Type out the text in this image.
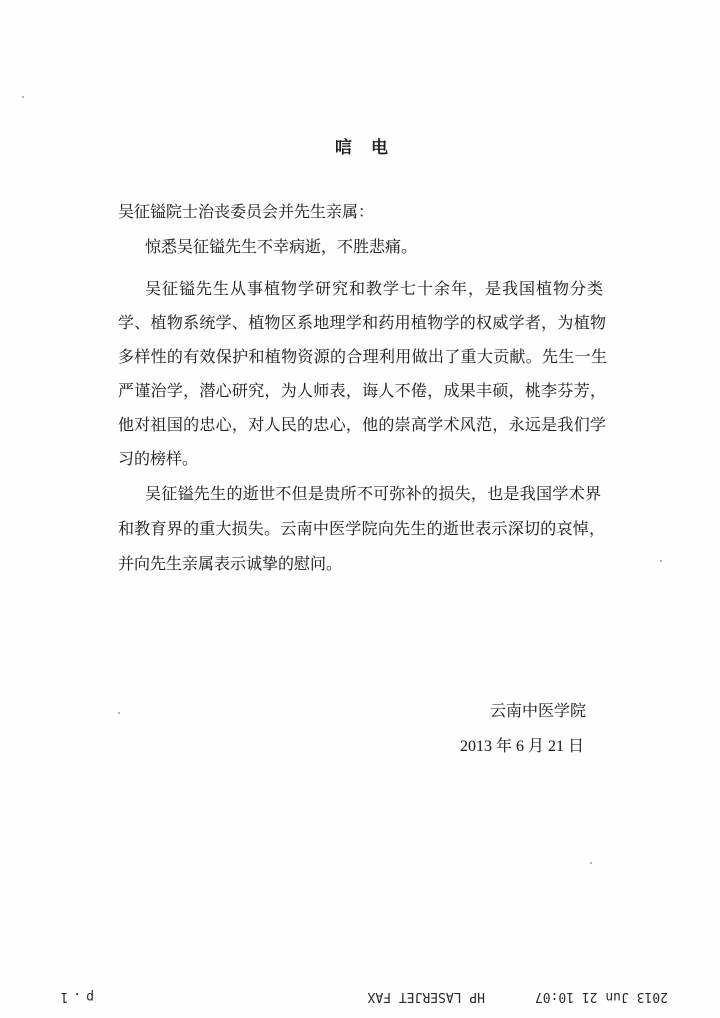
唁 电
吴征镒院士治丧委员会并先生亲属：
惊悉吴征镒先生不幸病逝，不胜悲痛。
吴征镒先生从事植物学研究和教学七十余年，是我国植物分类
学、植物系统学、植物区系地理学和药用植物学的权威学者，为植物
多样性的有效保护和植物资源的合理利用做出了重大贡献。先生一生
严谨治学，潜心研究，为人师表，诲人不倦，成果丰硕，桃李芬芳，
他对祖国的忠心，对人民的忠心，他的崇高学术风范，永远是我们学
习的榜样。
吴征镒先生的逝世不但是贵所不可弥补的损失，也是我国学术界
和教育界的重大损失。云南中医学院向先生的逝世表示深切的哀悼，
并向先生亲属表示诚挚的慰问。
云南中医学院
2013 年 6 月 21 日
2013 Jun 21 10:07
HP LASERJET FAX
p.1
